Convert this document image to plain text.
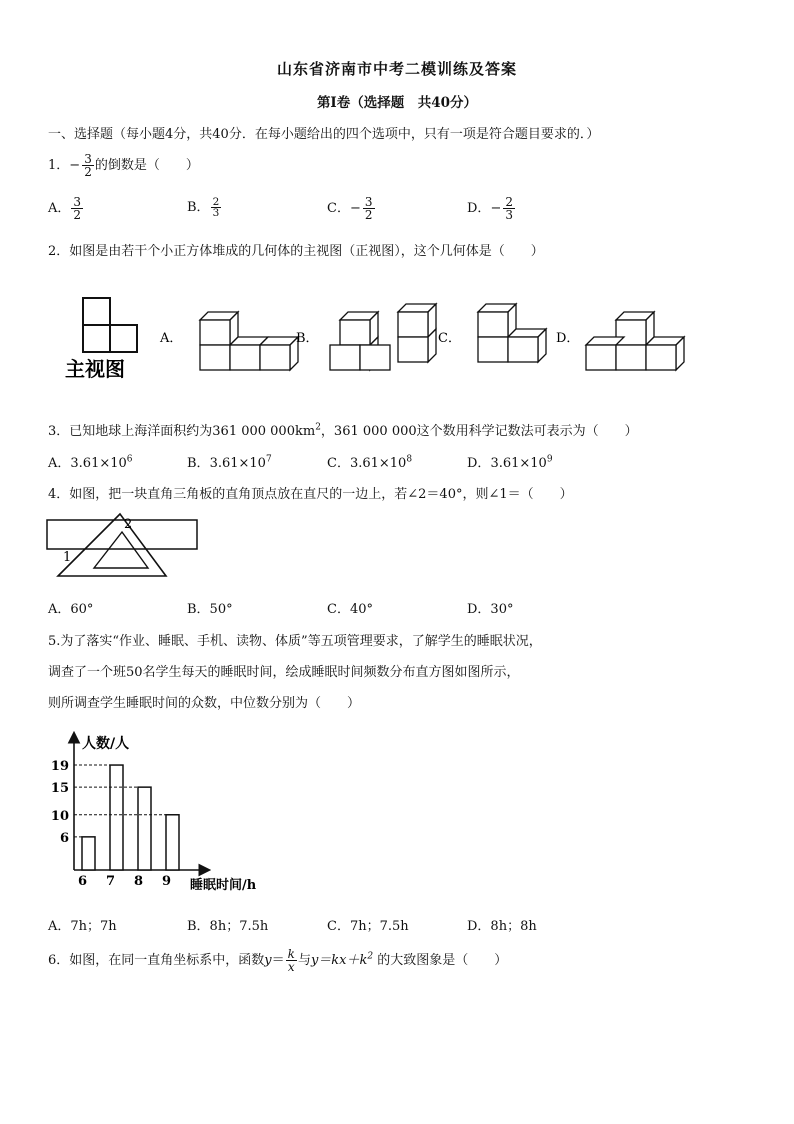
山东省济南市中考二模训练及答案
第Ⅰ卷（选择题　共40分）
一、选择题（每小题4分，共40分．在每小题给出的四个选项中，只有一项是符合题目要求的．）
1．− $\frac{3}{2}$ 的倒数是（　　）
A． $\frac{3}{2}$	B． $\frac{2}{3}$	C．− $\frac{3}{2}$	D．− $\frac{2}{3}$
2．如图是由若干个小正方体堆成的几何体的主视图（正视图），这个几何体是（　　）
主视图
A．	B．	C．	D．
3．已知地球上海洋面积约为361 000 $000km^2$，361 000 000这个数用科学记数法可表示为（　　）
A．$3.61\times 10^6$	B．$3.61\times 10^7$	C．$3.61\times 10^8$	D．$3.61\times 10^9$
4．如图，把一块直角三角板的直角顶点放在直尺的一边上，若∠2＝40°，则∠1＝（　　）
2
1
A．60°	B．50°	C．40°	D．30°
5.为了落实“作业、睡眠、手机、读物、体质”等五项管理要求，了解学生的睡眠状况，
调查了一个班50名学生每天的睡眠时间，绘成睡眠时间频数分布直方图如图所示，
则所调查学生睡眠时间的众数，中位数分别为（　　）
人数/人
睡眠时间/h
6 7 8 9
6
10
15
19
A．7h；7h	B．8h；7.5h	C．7h；7.5h	D．8h；8h
6．如图，在同一直角坐标系中，函数$y= \frac{k}{x}$ 与$y=kx+k^2$ 的大致图象是（　　）
